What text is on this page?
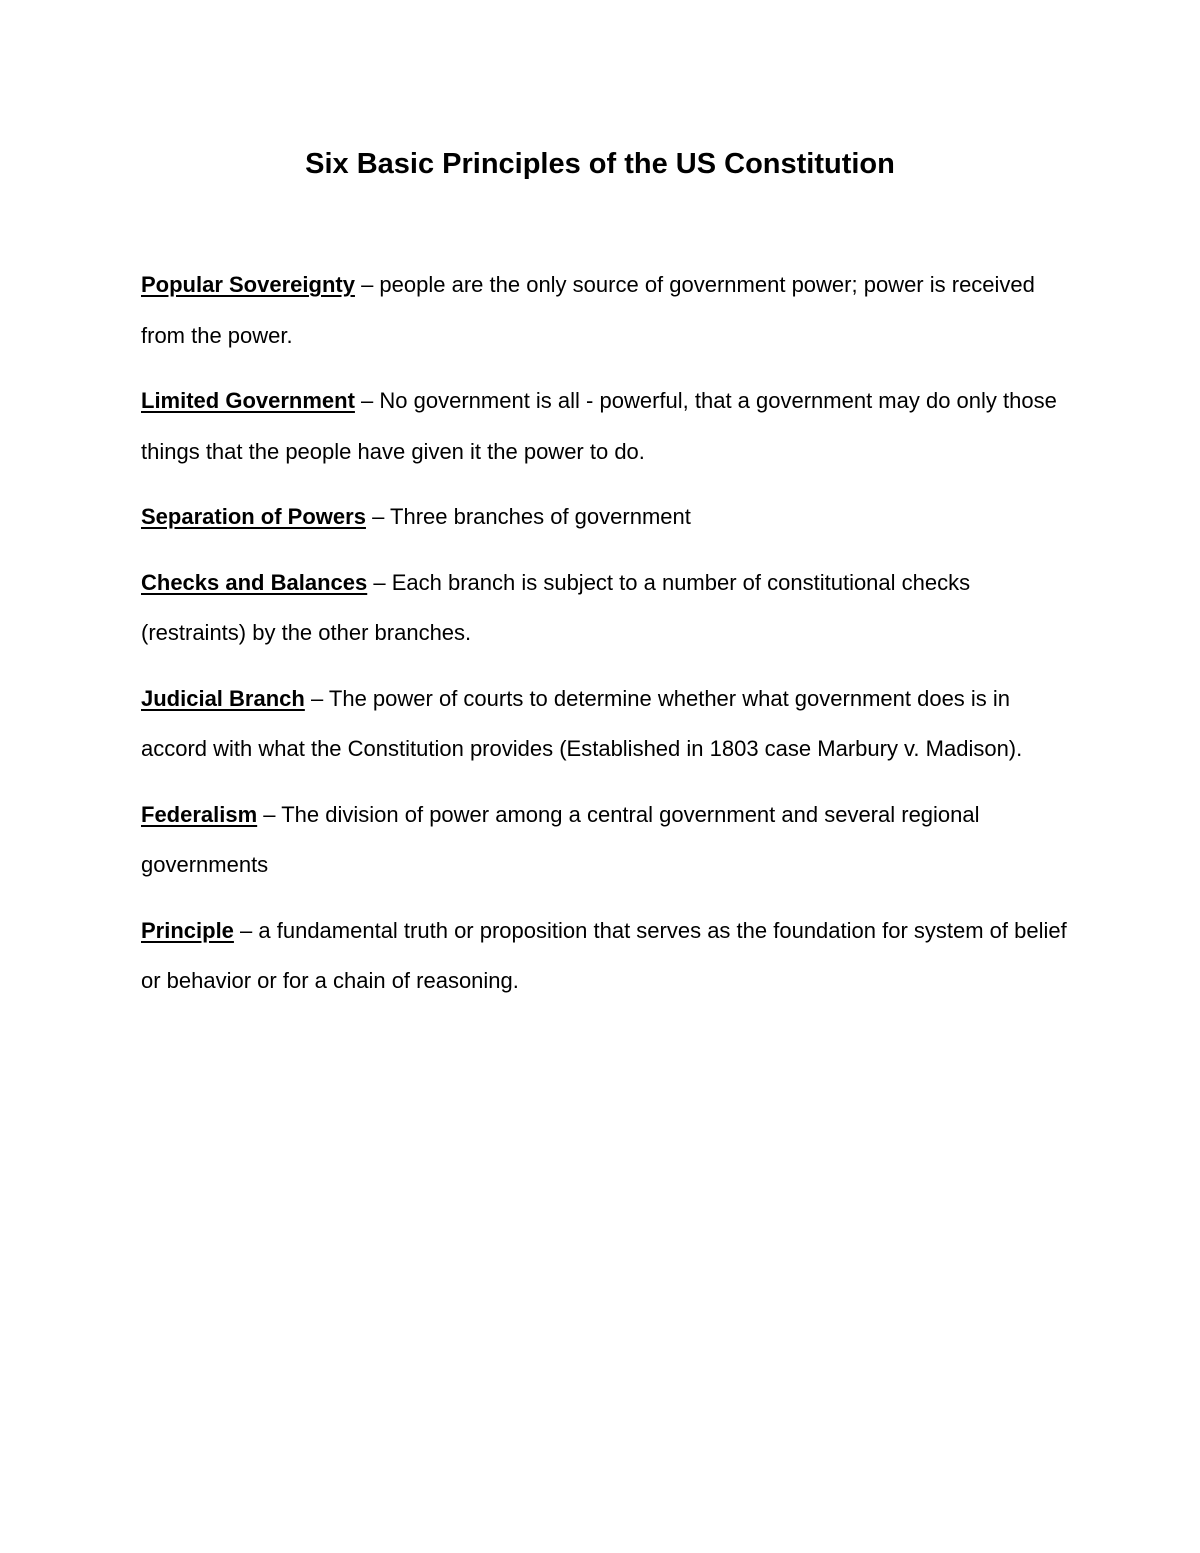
Six Basic Principles of the US Constitution

Popular Sovereignty – people are the only source of government power; power is received from the power.

Limited Government – No government is all - powerful, that a government may do only those things that the people have given it the power to do.

Separation of Powers – Three branches of government

Checks and Balances – Each branch is subject to a number of constitutional checks (restraints) by the other branches.

Judicial Branch – The power of courts to determine whether what government does is in accord with what the Constitution provides (Established in 1803 case Marbury v. Madison).

Federalism – The division of power among a central government and several regional governments

Principle – a fundamental truth or proposition that serves as the foundation for system of belief or behavior or for a chain of reasoning.
